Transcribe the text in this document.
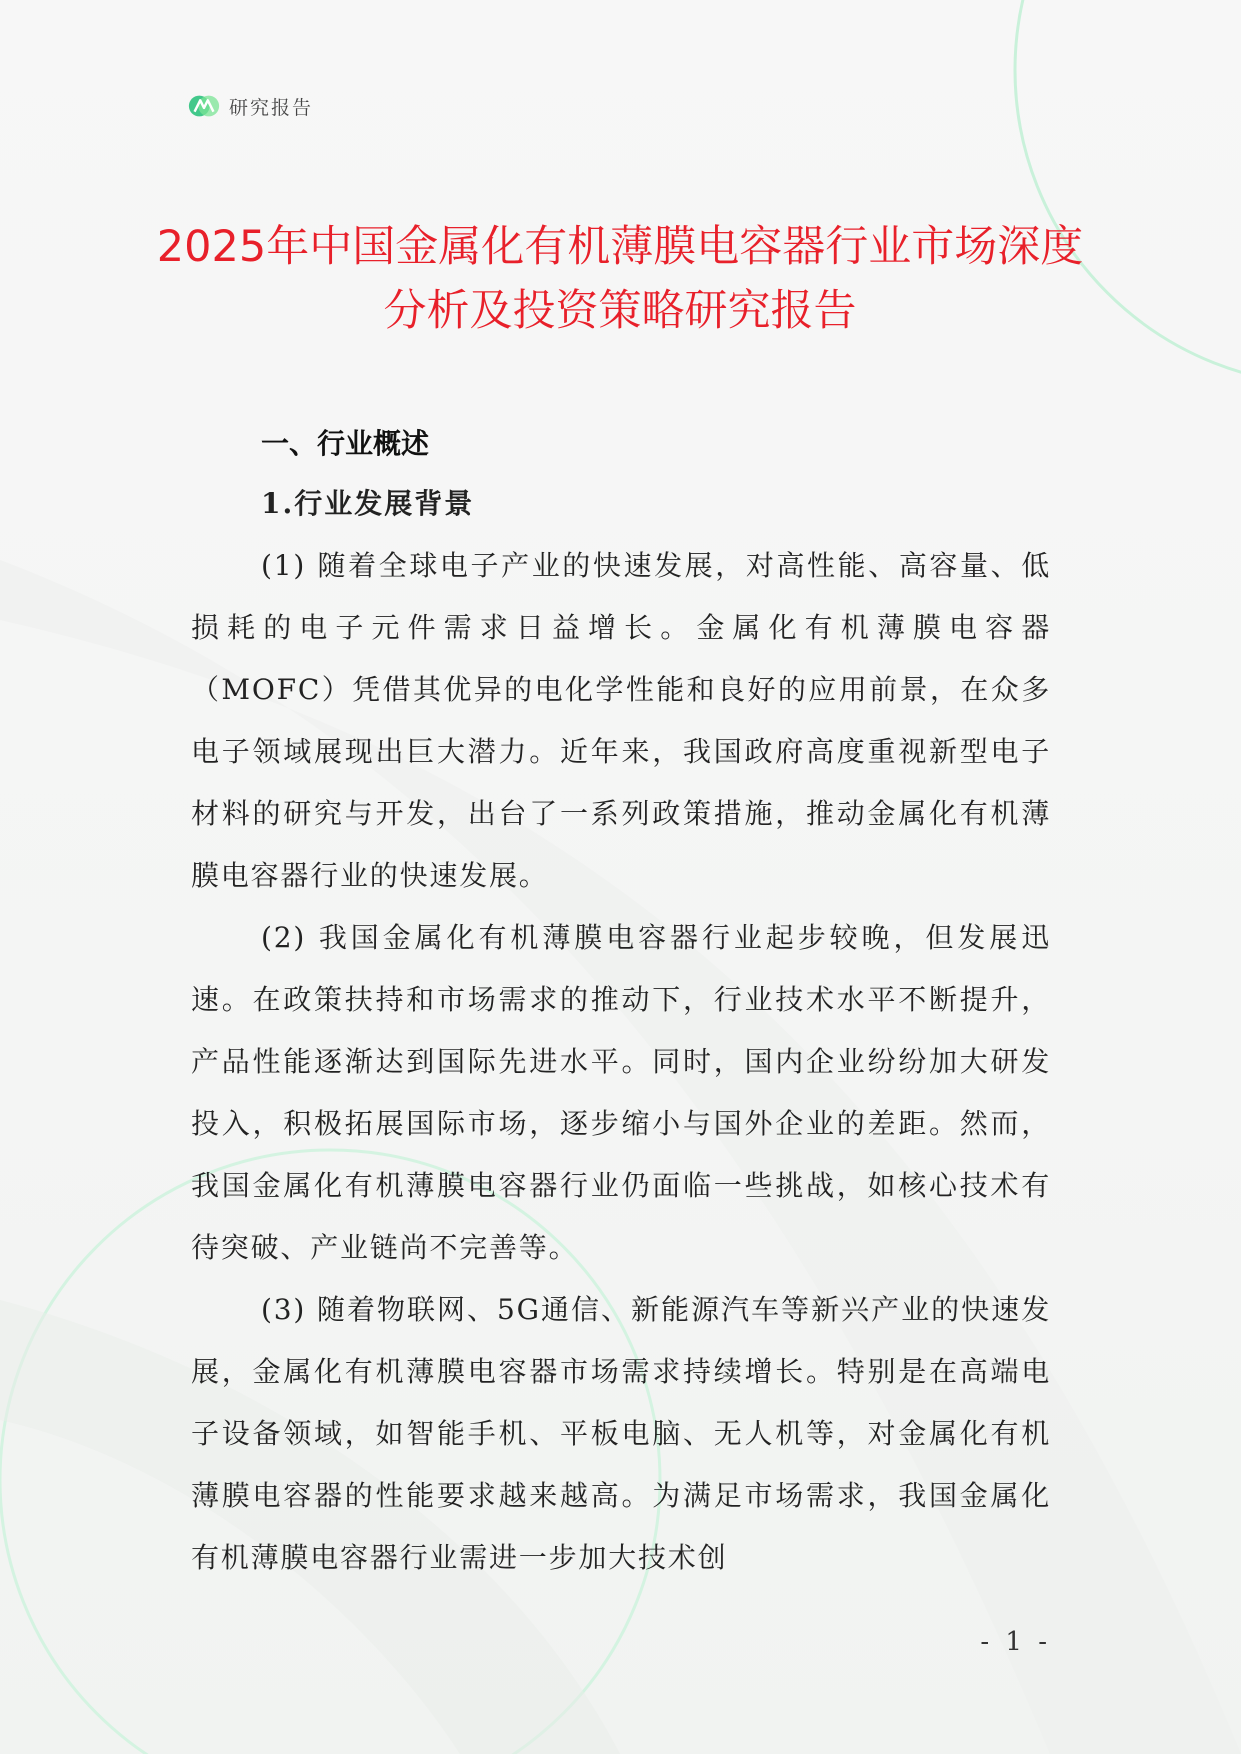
研究报告
2025年中国金属化有机薄膜电容器行业市场深度分析及投资策略研究报告
一、行业概述
1.行业发展背景

(1) 随着全球电子产业的快速发展，对高性能、高容量、低损耗的电子元件需求日益增长。金属化有机薄膜电容器（MOFC）凭借其优异的电化学性能和良好的应用前景，在众多电子领域展现出巨大潜力。近年来，我国政府高度重视新型电子材料的研究与开发，出台了一系列政策措施，推动金属化有机薄膜电容器行业的快速发展。

(2) 我国金属化有机薄膜电容器行业起步较晚，但发展迅速。在政策扶持和市场需求的推动下，行业技术水平不断提升，产品性能逐渐达到国际先进水平。同时，国内企业纷纷加大研发投入，积极拓展国际市场，逐步缩小与国外企业的差距。然而，我国金属化有机薄膜电容器行业仍面临一些挑战，如核心技术有待突破、产业链尚不完善等。

(3) 随着物联网、5G通信、新能源汽车等新兴产业的快速发展，金属化有机薄膜电容器市场需求持续增长。特别是在高端电子设备领域，如智能手机、平板电脑、无人机等，对金属化有机薄膜电容器的性能要求越来越高。为满足市场需求，我国金属化有机薄膜电容器行业需进一步加大技术创

- 1 -
